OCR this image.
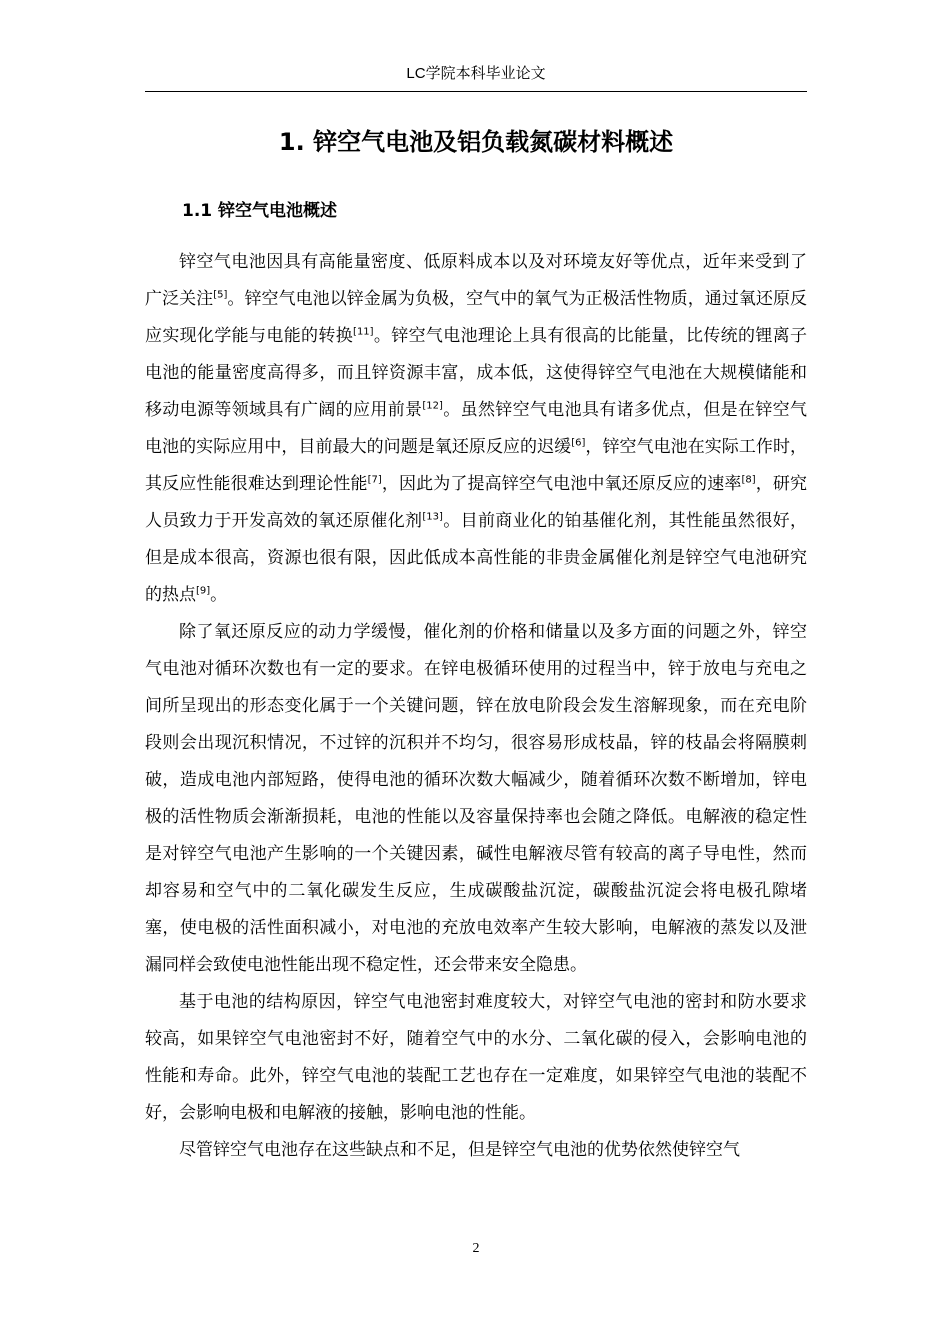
LC学院本科毕业论文
1. 锌空气电池及铝负载氮碳材料概述
1.1 锌空气电池概述

锌空气电池因具有高能量密度、低原料成本以及对环境友好等优点，近年来受到了广泛关注[5]。锌空气电池以锌金属为负极，空气中的氧气为正极活性物质，通过氧还原反应实现化学能与电能的转换[11]。锌空气电池理论上具有很高的比能量，比传统的锂离子电池的能量密度高得多，而且锌资源丰富，成本低，这使得锌空气电池在大规模储能和移动电源等领域具有广阔的应用前景[12]。虽然锌空气电池具有诸多优点，但是在锌空气电池的实际应用中，目前最大的问题是氧还原反应的迟缓[6]，锌空气电池在实际工作时，其反应性能很难达到理论性能[7]，因此为了提高锌空气电池中氧还原反应的速率[8]，研究人员致力于开发高效的氧还原催化剂[13]。目前商业化的铂基催化剂，其性能虽然很好，但是成本很高，资源也很有限，因此低成本高性能的非贵金属催化剂是锌空气电池研究的热点[9]。

除了氧还原反应的动力学缓慢，催化剂的价格和储量以及多方面的问题之外，锌空气电池对循环次数也有一定的要求。在锌电极循环使用的过程当中，锌于放电与充电之间所呈现出的形态变化属于一个关键问题，锌在放电阶段会发生溶解现象，而在充电阶段则会出现沉积情况，不过锌的沉积并不均匀，很容易形成枝晶，锌的枝晶会将隔膜刺破，造成电池内部短路，使得电池的循环次数大幅减少，随着循环次数不断增加，锌电极的活性物质会渐渐损耗，电池的性能以及容量保持率也会随之降低。电解液的稳定性是对锌空气电池产生影响的一个关键因素，碱性电解液尽管有较高的离子导电性，然而却容易和空气中的二氧化碳发生反应，生成碳酸盐沉淀，碳酸盐沉淀会将电极孔隙堵塞，使电极的活性面积减小，对电池的充放电效率产生较大影响，电解液的蒸发以及泄漏同样会致使电池性能出现不稳定性，还会带来安全隐患。

基于电池的结构原因，锌空气电池密封难度较大，对锌空气电池的密封和防水要求较高，如果锌空气电池密封不好，随着空气中的水分、二氧化碳的侵入，会影响电池的性能和寿命。此外，锌空气电池的装配工艺也存在一定难度，如果锌空气电池的装配不好，会影响电极和电解液的接触，影响电池的性能。

尽管锌空气电池存在这些缺点和不足，但是锌空气电池的优势依然使锌空气

2
